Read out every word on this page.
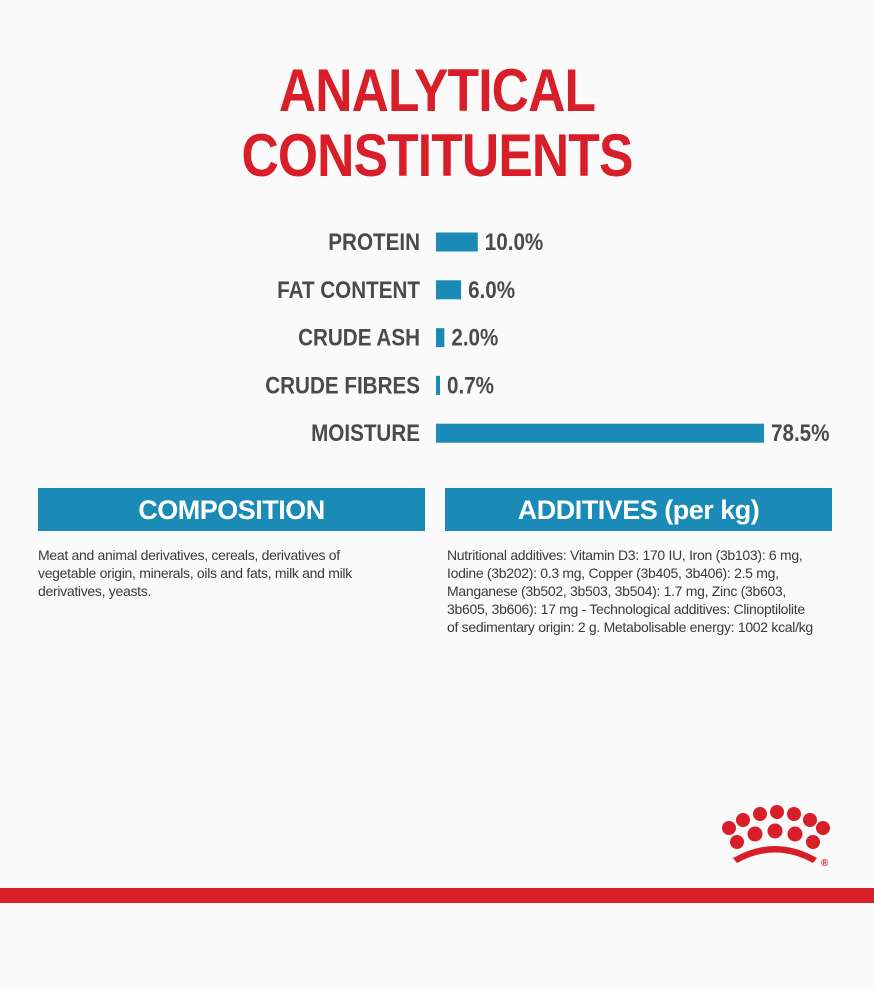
ANALYTICAL
CONSTITUENTS
PROTEIN	10.0%
FAT CONTENT 6.0%
CRUDE ASH 2.0%
CRUDE FIBRES 0.7%
MOISTURE	78.5%
COMPOSITION
Meat and animal derivatives, cereals, derivatives of vegetable origin, minerals, oils and fats, milk and milk derivatives, yeasts.
ADDITIVES (per kg)
Nutritional additives: Vitamin D3: 170 IU, Iron (3b103): 6 mg, Iodine (3b202): 0.3 mg, Copper (3b405, 3b406): 2.5 mg, Manganese (3b502, 3b503, 3b504): 1.7 mg, Zinc (3b603, 3b605, 3b606): 17 mg - Technological additives: Clinoptilolite of sedimentary origin: 2 g. Metabolisable energy: 1002 kcal/kg
®
